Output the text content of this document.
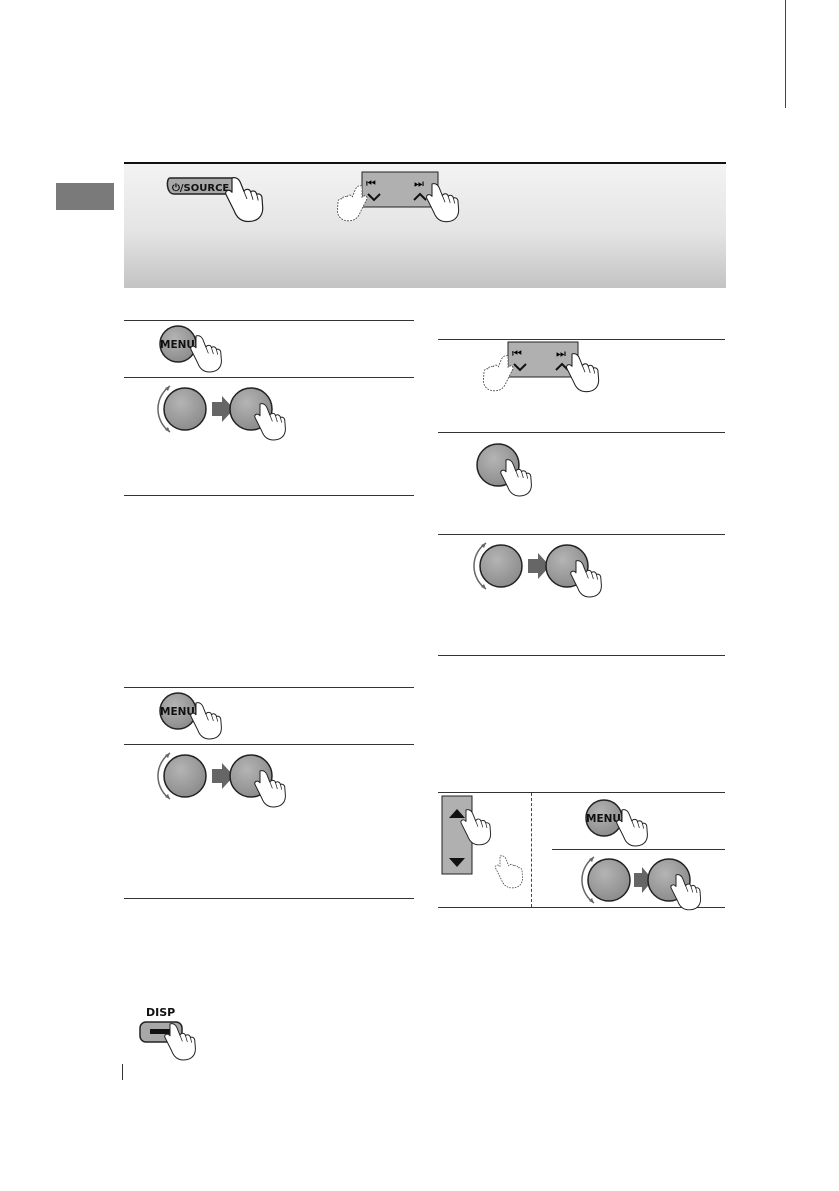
⏻/SOURCE	⏮	⏭
MENU
MENU
DISP
⏮	⏭
MENU
